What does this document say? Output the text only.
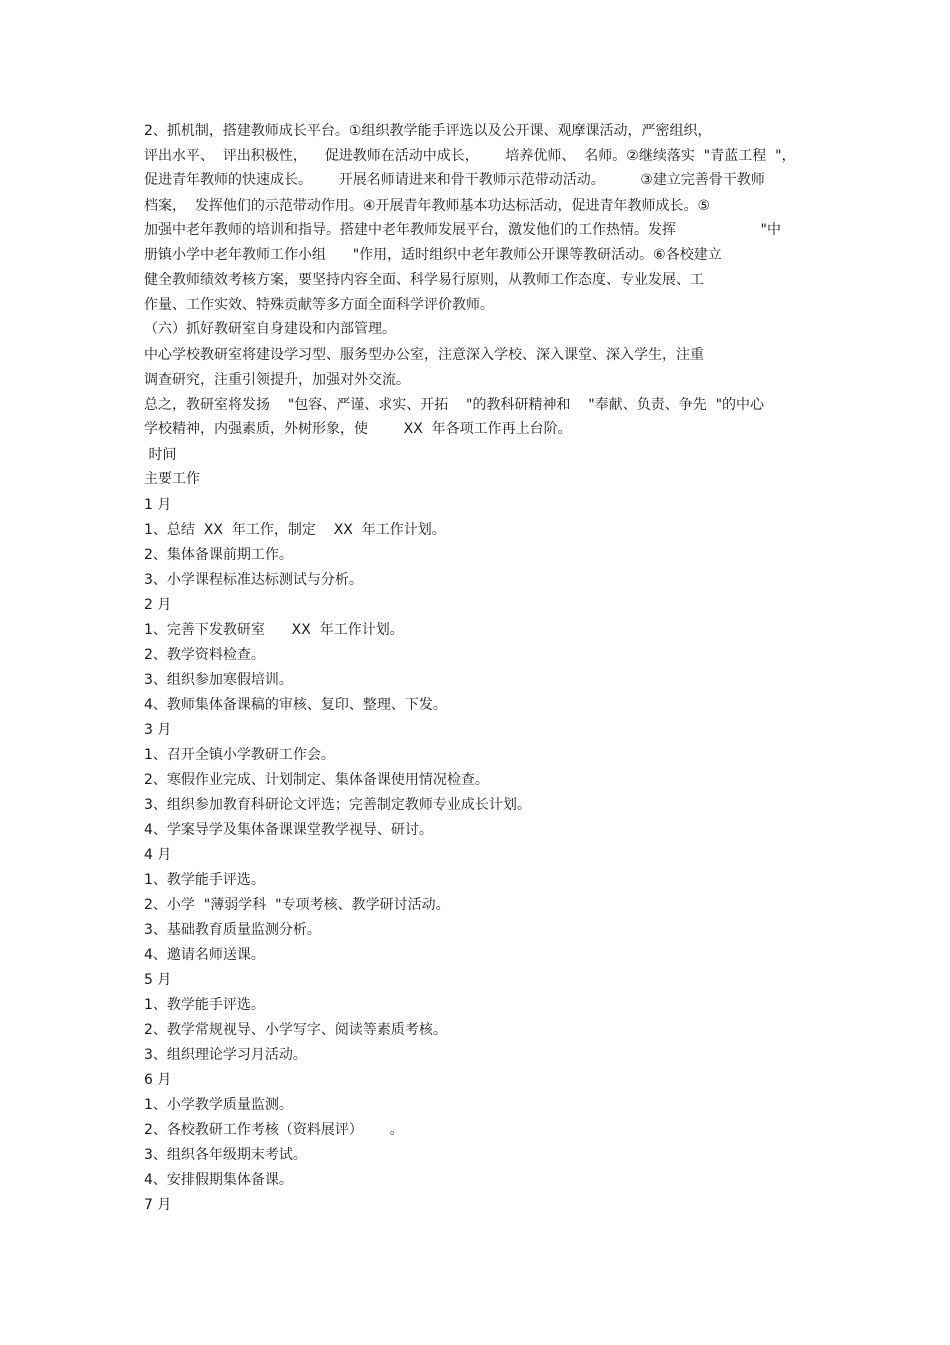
2、抓机制，搭建教师成长平台。①组织教学能手评选以及公开课、观摩课活动，严密组织，

评出水平、  评出积极性，    促进教师在活动中成长，      培养优师、  名师。②继续落实  "青蓝工程  "，

促进青年教师的快速成长。      开展名师请进来和骨干教师示范带动活动。        ③建立完善骨干教师

档案，  发挥他们的示范带动作用。④开展青年教师基本功达标活动，促进青年教师成长。⑤

加强中老年教师的培训和指导。搭建中老年教师发展平台，激发他们的工作热情。发挥                   "中

册镇小学中老年教师工作小组      "作用，适时组织中老年教师公开课等教研活动。⑥各校建立

健全教师绩效考核方案，要坚持内容全面、科学易行原则，从教师工作态度、专业发展、工

作量、工作实效、特殊贡献等多方面全面科学评价教师。

（六）抓好教研室自身建设和内部管理。

中心学校教研室将建设学习型、服务型办公室，注意深入学校、深入课堂、深入学生，注重

调查研究，注重引领提升，加强对外交流。

总之，教研室将发扬    "包容、严谨、求实、开拓    "的教科研精神和    "奉献、负责、争先  "的中心

学校精神，内强素质，外树形象，使        XX  年各项工作再上台阶。

时间

主要工作

1 月

1、总结  XX  年工作，制定    XX  年工作计划。

2、集体备课前期工作。

3、小学课程标准达标测试与分析。

2 月

1、完善下发教研室      XX  年工作计划。

2、教学资料检查。

3、组织参加寒假培训。

4、教师集体备课稿的审核、复印、整理、下发。

3 月

1、召开全镇小学教研工作会。

2、寒假作业完成、计划制定、集体备课使用情况检查。

3、组织参加教育科研论文评选；完善制定教师专业成长计划。

4、学案导学及集体备课课堂教学视导、研讨。

4 月

1、教学能手评选。

2、小学  "薄弱学科  "专项考核、教学研讨活动。

3、基础教育质量监测分析。

4、邀请名师送课。

5 月

1、教学能手评选。

2、教学常规视导、小学写字、阅读等素质考核。

3、组织理论学习月活动。

6 月

1、小学教学质量监测。

2、各校教研工作考核（资料展评）      。

3、组织各年级期末考试。

4、安排假期集体备课。

7 月
